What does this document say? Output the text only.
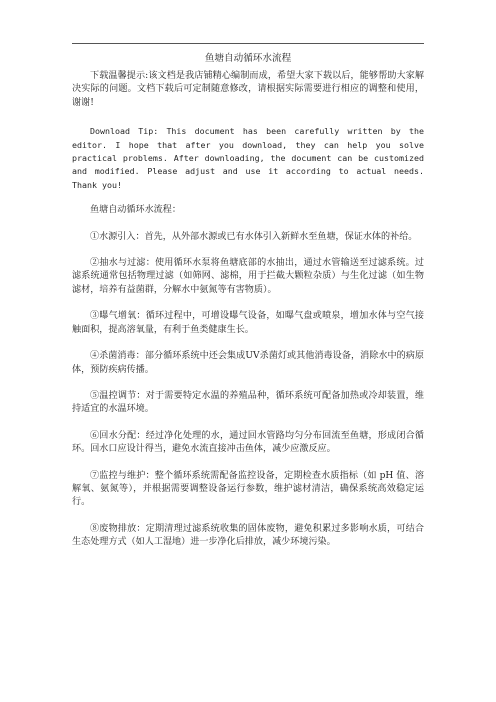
鱼塘自动循环水流程

下载温馨提示:该文档是我店铺精心编制而成，希望大家下载以后，能够帮助大家解决实际的问题。文档下载后可定制随意修改，请根据实际需要进行相应的调整和使用，谢谢!

Download Tip: This document has been carefully written by the editor. I hope that after you download, they can help you solve practical problems. After downloading, the document can be customized and modified. Please adjust and use it according to actual needs. Thank you!

鱼塘自动循环水流程：

①水源引入：首先，从外部水源或已有水体引入新鲜水至鱼塘，保证水体的补给。

②抽水与过滤：使用循环水泵将鱼塘底部的水抽出，通过水管输送至过滤系统。过滤系统通常包括物理过滤（如筛网、滤棉，用于拦截大颗粒杂质）与生化过滤（如生物滤材，培养有益菌群，分解水中氨氮等有害物质）。

③曝气增氧：循环过程中，可增设曝气设备，如曝气盘或喷泉，增加水体与空气接触面积，提高溶氧量，有利于鱼类健康生长。

④杀菌消毒：部分循环系统中还会集成UV杀菌灯或其他消毒设备，消除水中的病原体，预防疾病传播。

⑤温控调节：对于需要特定水温的养殖品种，循环系统可配备加热或冷却装置，维持适宜的水温环境。

⑥回水分配：经过净化处理的水，通过回水管路均匀分布回流至鱼塘，形成闭合循环。回水口应设计得当，避免水流直接冲击鱼体，减少应激反应。

⑦监控与维护：整个循环系统需配备监控设备，定期检查水质指标（如 pH 值、溶解氧、氨氮等），并根据需要调整设备运行参数，维护滤材清洁，确保系统高效稳定运行。

⑧废物排放：定期清理过滤系统收集的固体废物，避免积累过多影响水质，可结合生态处理方式（如人工湿地）进一步净化后排放，减少环境污染。
